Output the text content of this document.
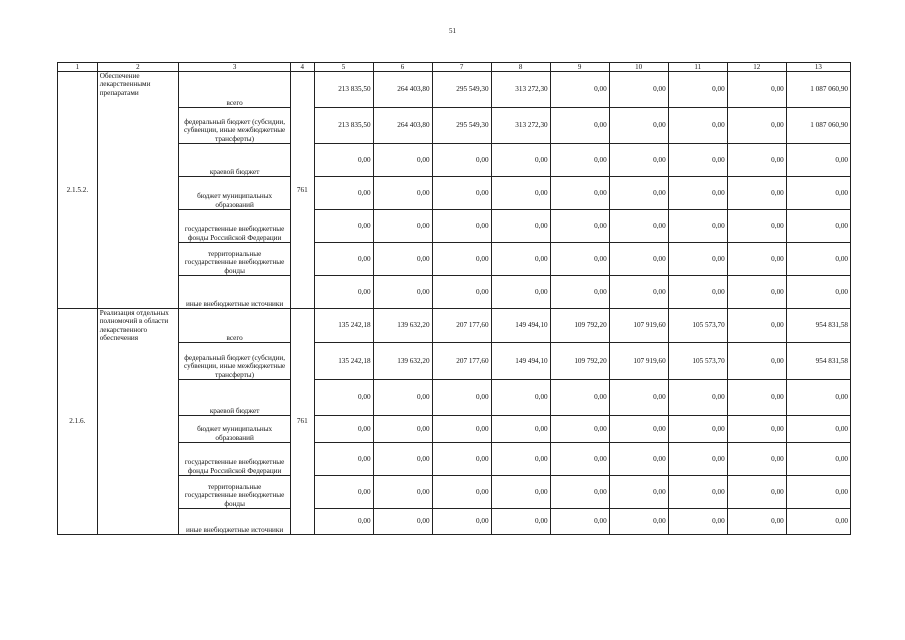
51
1	2	3	4	5	6	7	8	9	10	11	12	13
2.1.5.2.	Обеспечение лекарственными препаратами	всего	761	213 835,50	264 403,80	295 549,30	313 272,30	0,00	0,00	0,00	0,00	1 087 060,90
		федеральный бюджет (субсидии, субвенции, иные межбюджетные трансферты)		213 835,50	264 403,80	295 549,30	313 272,30	0,00	0,00	0,00	0,00	1 087 060,90
		краевой бюджет		0,00	0,00	0,00	0,00	0,00	0,00	0,00	0,00	0,00
		бюджет муниципальных образований		0,00	0,00	0,00	0,00	0,00	0,00	0,00	0,00	0,00
		государственные внебюджетные фонды Российской Федерации		0,00	0,00	0,00	0,00	0,00	0,00	0,00	0,00	0,00
		территориальные государственные внебюджетные фонды		0,00	0,00	0,00	0,00	0,00	0,00	0,00	0,00	0,00
		иные внебюджетные источники		0,00	0,00	0,00	0,00	0,00	0,00	0,00	0,00	0,00
2.1.6.	Реализация отдельных полномочий в области лекарственного обеспечения	всего	761	135 242,18	139 632,20	207 177,60	149 494,10	109 792,20	107 919,60	105 573,70	0,00	954 831,58
		федеральный бюджет (субсидии, субвенции, иные межбюджетные трансферты)		135 242,18	139 632,20	207 177,60	149 494,10	109 792,20	107 919,60	105 573,70	0,00	954 831,58
		краевой бюджет		0,00	0,00	0,00	0,00	0,00	0,00	0,00	0,00	0,00
		бюджет муниципальных образований		0,00	0,00	0,00	0,00	0,00	0,00	0,00	0,00	0,00
		государственные внебюджетные фонды Российской Федерации		0,00	0,00	0,00	0,00	0,00	0,00	0,00	0,00	0,00
		территориальные государственные внебюджетные фонды		0,00	0,00	0,00	0,00	0,00	0,00	0,00	0,00	0,00
		иные внебюджетные источники		0,00	0,00	0,00	0,00	0,00	0,00	0,00	0,00	0,00
